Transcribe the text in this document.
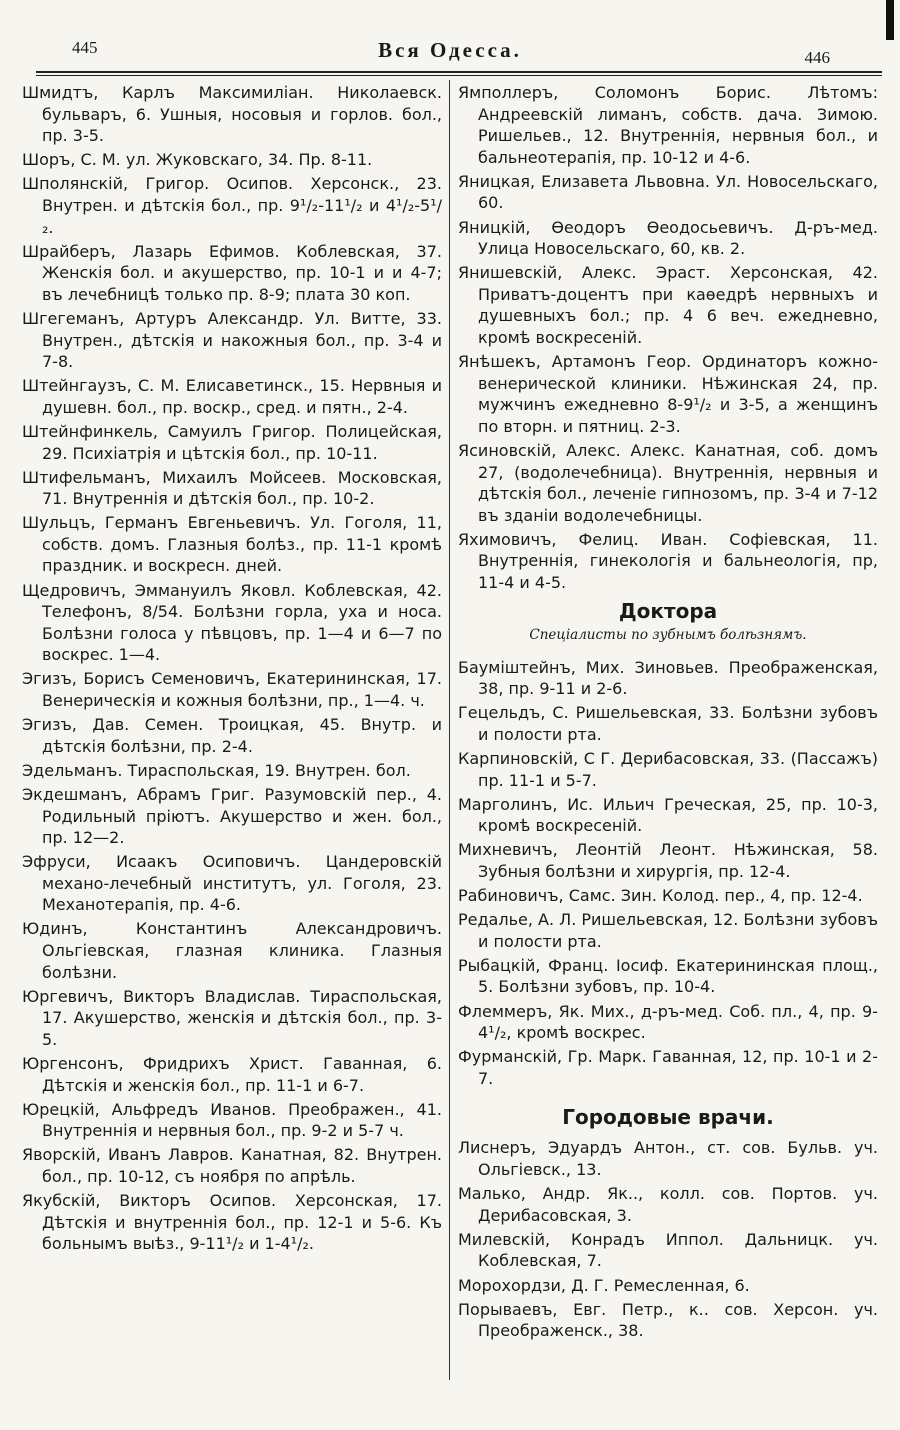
445	Вся Одесса.	446

Шмидтъ, Карлъ Максимиліан. Николаевск. бульваръ, 6. Ушныя, носовыя и горлов. бол., пр. 3-5.

Шоръ, С. М. ул. Жуковскаго, 34. Пр. 8-11.

Шполянскій, Григор. Осипов. Херсонск., 23. Внутрен. и дѣтскія бол., пр. 9¹/₂-11¹/₂ и 4¹/₂-5¹/₂.

Шрайберъ, Лазарь Ефимов. Коблевская, 37. Женскія бол. и акушерство, пр. 10-1 и и 4-7; въ лечебницѣ только пр. 8-9; плата 30 коп.

Шгегеманъ, Артуръ Александр. Ул. Витте, 33. Внутрен., дѣтскія и накожныя бол., пр. 3-4 и 7-8.

Штейнгаузъ, С. М. Елисаветинск., 15. Нервныя и душевн. бол., пр. воскр., сред. и пятн., 2-4.

Штейнфинкель, Самуилъ Григор. Полицейская, 29. Психіатрія и цѣтскія бол., пр. 10-11.

Штифельманъ, Михаилъ Мойсеев. Московская, 71. Внутреннія и дѣтскія бол., пр. 10-2.

Шульцъ, Германъ Евгеньевичъ. Ул. Гоголя, 11, собств. домъ. Глазныя болѣз., пр. 11-1 кромѣ праздник. и воскресн. дней.

Щедровичъ, Эммануилъ Яковл. Коблевская, 42. Телефонъ, 8/54. Болѣзни горла, уха и носа. Болѣзни голоса у пѣвцовъ, пр. 1—4 и 6—7 по воскрес. 1—4.

Эгизъ, Борисъ Семеновичъ, Екатерининская, 17. Венерическія и кожныя болѣзни, пр., 1—4. ч.

Эгизъ, Дав. Семен. Троицкая, 45. Внутр. и дѣтскія болѣзни, пр. 2-4.

Эдельманъ. Тираспольская, 19. Внутрен. бол.

Экдешманъ, Абрамъ Григ. Разумовскій пер., 4. Родильный пріютъ. Акушерство и жен. бол., пр. 12—2.

Эфруси, Исаакъ Осиповичъ. Цандеровскій механо-лечебный институтъ, ул. Гоголя, 23. Механотерапія, пр. 4-6.

Юдинъ, Константинъ Александровичъ. Ольгіевская, глазная клиника. Глазныя болѣзни.

Юргевичъ, Викторъ Владислав. Тираспольская, 17. Акушерство, женскія и дѣтскія бол., пр. 3-5.

Юргенсонъ, Фридрихъ Христ. Гаванная, 6. Дѣтскія и женскія бол., пр. 11-1 и 6-7.

Юрецкій, Альфредъ Иванов. Преображен., 41. Внутреннія и нервныя бол., пр. 9-2 и 5-7 ч.

Яворскій, Иванъ Лавров. Канатная, 82. Внутрен. бол., пр. 10-12, съ ноября по апрѣль.

Якубскій, Викторъ Осипов. Херсонская, 17. Дѣтскія и внутреннія бол., пр. 12-1 и 5-6. Къ больнымъ выѣз., 9-11¹/₂ и 1-4¹/₂.

Ямполлеръ, Соломонъ Борис. Лѣтомъ: Андреевскій лиманъ, собств. дача. Зимою. Ришельев., 12. Внутреннія, нервныя бол., и бальнеотерапія, пр. 10-12 и 4-6.

Яницкая, Елизавета Львовна. Ул. Новосельскаго, 60.

Яницкій, Өеодоръ Өеодосьевичъ. Д-ръ-мед. Улица Новосельскаго, 60, кв. 2.

Янишевскій, Алекс. Эраст. Херсонская, 42. Приватъ-доцентъ при каөедрѣ нервныхъ и душевныхъ бол.; пр. 4 6 веч. ежедневно, кромѣ воскресеній.

Янѣшекъ, Артамонъ Геор. Ординаторъ кожно-венерической клиники. Нѣжинская 24, пр. мужчинъ ежедневно 8-9¹/₂ и 3-5, а женщинъ по вторн. и пятниц. 2-3.

Ясиновскій, Алекс. Алекс. Канатная, соб. домъ 27, (водолечебница). Внутреннія, нервныя и дѣтскія бол., леченіе гипнозомъ, пр. 3-4 и 7-12 въ зданіи водолечебницы.

Яхимовичъ, Фелиц. Иван. Софіевская, 11. Внутреннія, гинекологія и бальнеологія, пр, 11-4 и 4-5.

Доктора
Спеціалисты по зубнымъ болѣзнямъ.

Бауміштейнъ, Мих. Зиновьев. Преображенская, 38, пр. 9-11 и 2-6.

Гецельдъ, С. Ришельевская, 33. Болѣзни зубовъ и полости рта.

Карпиновскій, С Г. Дерибасовская, 33. (Пассажъ) пр. 11-1 и 5-7.

Марголинъ, Ис. Ильич Греческая, 25, пр. 10-3, кромѣ воскресеній.

Михневичъ, Леонтій Леонт. Нѣжинская, 58. Зубныя болѣзни и хирургія, пр. 12-4.

Рабиновичъ, Самс. Зин. Колод. пер., 4, пр. 12-4.

Редалье, А. Л. Ришельевская, 12. Болѣзни зубовъ и полости рта.

Рыбацкій, Франц. Іосиф. Екатерининская площ., 5. Болѣзни зубовъ, пр. 10-4.

Флеммеръ, Як. Мих., д-ръ-мед. Соб. пл., 4, пр. 9-4¹/₂, кромѣ воскрес.

Фурманскій, Гр. Марк. Гаванная, 12, пр. 10-1 и 2-7.

Городовые врачи.

Лиснеръ, Эдуардъ Антон., ст. сов. Бульв. уч. Ольгіевск., 13.

Малько, Андр. Як.., колл. сов. Портов. уч. Дерибасовская, 3.

Милевскій, Конрадъ Иппол. Дальницк. уч. Коблевская, 7.

Морохордзи, Д. Г. Ремесленная, 6.

Порываевъ, Евг. Петр., к.. сов. Херсон. уч. Преображенск., 38.
